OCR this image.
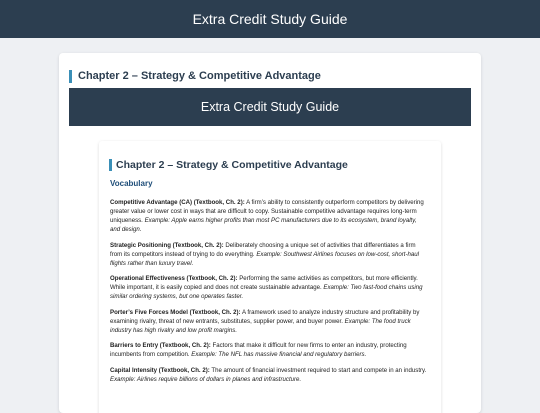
Extra Credit Study Guide
Chapter 2 – Strategy & Competitive Advantage
Extra Credit Study Guide
Chapter 2 – Strategy & Competitive Advantage
Vocabulary

Competitive Advantage (CA) (Textbook, Ch. 2): A firm’s ability to consistently outperform competitors by delivering greater value or lower cost in ways that are difficult to copy. Sustainable competitive advantage requires long-term uniqueness. Example: Apple earns higher profits than most PC manufacturers due to its ecosystem, brand loyalty, and design.

Strategic Positioning (Textbook, Ch. 2): Deliberately choosing a unique set of activities that differentiates a firm from its competitors instead of trying to do everything. Example: Southwest Airlines focuses on low-cost, short-haul flights rather than luxury travel.

Operational Effectiveness (Textbook, Ch. 2): Performing the same activities as competitors, but more efficiently. While important, it is easily copied and does not create sustainable advantage. Example: Two fast-food chains using similar ordering systems, but one operates faster.

Porter’s Five Forces Model (Textbook, Ch. 2): A framework used to analyze industry structure and profitability by examining rivalry, threat of new entrants, substitutes, supplier power, and buyer power. Example: The food truck industry has high rivalry and low profit margins.

Barriers to Entry (Textbook, Ch. 2): Factors that make it difficult for new firms to enter an industry, protecting incumbents from competition. Example: The NFL has massive financial and regulatory barriers.

Capital Intensity (Textbook, Ch. 2): The amount of financial investment required to start and compete in an industry. Example: Airlines require billions of dollars in planes and infrastructure.
